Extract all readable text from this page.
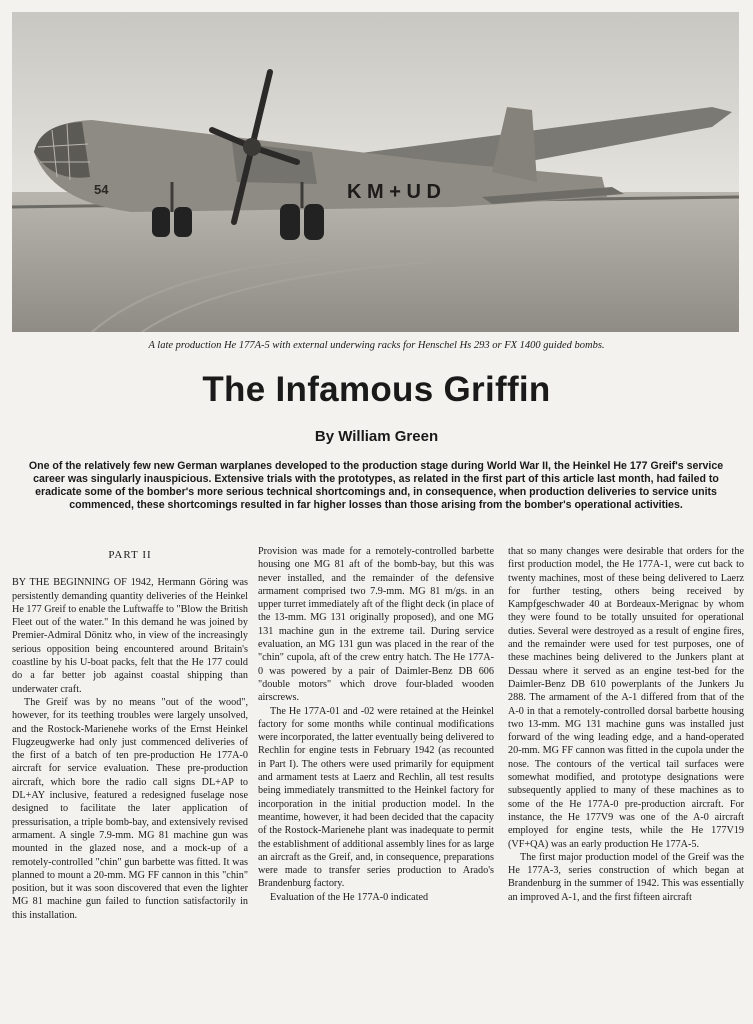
K M + U D
54
A late production He 177A-5 with external underwing racks for Henschel Hs 293 or FX 1400 guided bombs.
The Infamous Griffin
By William Green

One of the relatively few new German warplanes developed to the production stage during World War II, the Heinkel He 177 Greif's service career was singularly inauspicious. Extensive trials with the prototypes, as related in the first part of this article last month, had failed to eradicate some of the bomber's more serious technical shortcomings and, in consequence, when production deliveries to service units commenced, these shortcomings resulted in far higher losses than those arising from the bomber's operational activities.

PART II

BY THE BEGINNING OF 1942, Hermann Göring was persistently demanding quantity deliveries of the Heinkel He 177 Greif to enable the Luftwaffe to "Blow the British Fleet out of the water." In this demand he was joined by Premier-Admiral Dönitz who, in view of the increasingly serious opposition being encountered around Britain's coastline by his U-boat packs, felt that the He 177 could do a far better job against coastal shipping than underwater craft.

The Greif was by no means "out of the wood", however, for its teething troubles were largely unsolved, and the Rostock-Marienehe works of the Ernst Heinkel Flugzeugwerke had only just commenced deliveries of the first of a batch of ten pre-production He 177A-0 aircraft for service evaluation. These pre-production aircraft, which bore the radio call signs DL+AP to DL+AY inclusive, featured a redesigned fuselage nose designed to facilitate the later application of pressurisation, a triple bomb-bay, and extensively revised armament. A single 7.9-mm. MG 81 machine gun was mounted in the glazed nose, and a mock-up of a remotely-controlled "chin" gun barbette was fitted. It was planned to mount a 20-mm. MG FF cannon in this "chin" position, but it was soon discovered that even the lighter MG 81 machine gun failed to function satisfactorily in this installation.

Provision was made for a remotely-controlled barbette housing one MG 81 aft of the bomb-bay, but this was never installed, and the remainder of the defensive armament comprised two 7.9-mm. MG 81 m/gs. in an upper turret immediately aft of the flight deck (in place of the 13-mm. MG 131 originally proposed), and one MG 131 machine gun in the extreme tail. During service evaluation, an MG 131 gun was placed in the rear of the "chin" cupola, aft of the crew entry hatch. The He 177A-0 was powered by a pair of Daimler-Benz DB 606 "double motors" which drove four-bladed wooden airscrews.

The He 177A-01 and -02 were retained at the Heinkel factory for some months while continual modifications were incorporated, the latter eventually being delivered to Rechlin for engine tests in February 1942 (as recounted in Part I). The others were used primarily for equipment and armament tests at Laerz and Rechlin, all test results being immediately transmitted to the Heinkel factory for incorporation in the initial production model. In the meantime, however, it had been decided that the capacity of the Rostock-Marienehe plant was inadequate to permit the establishment of additional assembly lines for as large an aircraft as the Greif, and, in consequence, preparations were made to transfer series production to Arado's Brandenburg factory.

Evaluation of the He 177A-0 indicated

that so many changes were desirable that orders for the first production model, the He 177A-1, were cut back to twenty machines, most of these being delivered to Laerz for further testing, others being received by Kampfgeschwader 40 at Bordeaux-Merignac by whom they were found to be totally unsuited for operational duties. Several were destroyed as a result of engine fires, and the remainder were used for test purposes, one of these machines being delivered to the Junkers plant at Dessau where it served as an engine test-bed for the Daimler-Benz DB 610 powerplants of the Junkers Ju 288. The armament of the A-1 differed from that of the A-0 in that a remotely-controlled dorsal barbette housing two 13-mm. MG 131 machine guns was installed just forward of the wing leading edge, and a hand-operated 20-mm. MG FF cannon was fitted in the cupola under the nose. The contours of the vertical tail surfaces were somewhat modified, and prototype designations were subsequently applied to many of these machines as to some of the He 177A-0 pre-production aircraft. For instance, the He 177V9 was one of the A-0 aircraft employed for engine tests, while the He 177V19 (VF+QA) was an early production He 177A-5.

The first major production model of the Greif was the He 177A-3, series construction of which began at Brandenburg in the summer of 1942. This was essentially an improved A-1, and the first fifteen aircraft
